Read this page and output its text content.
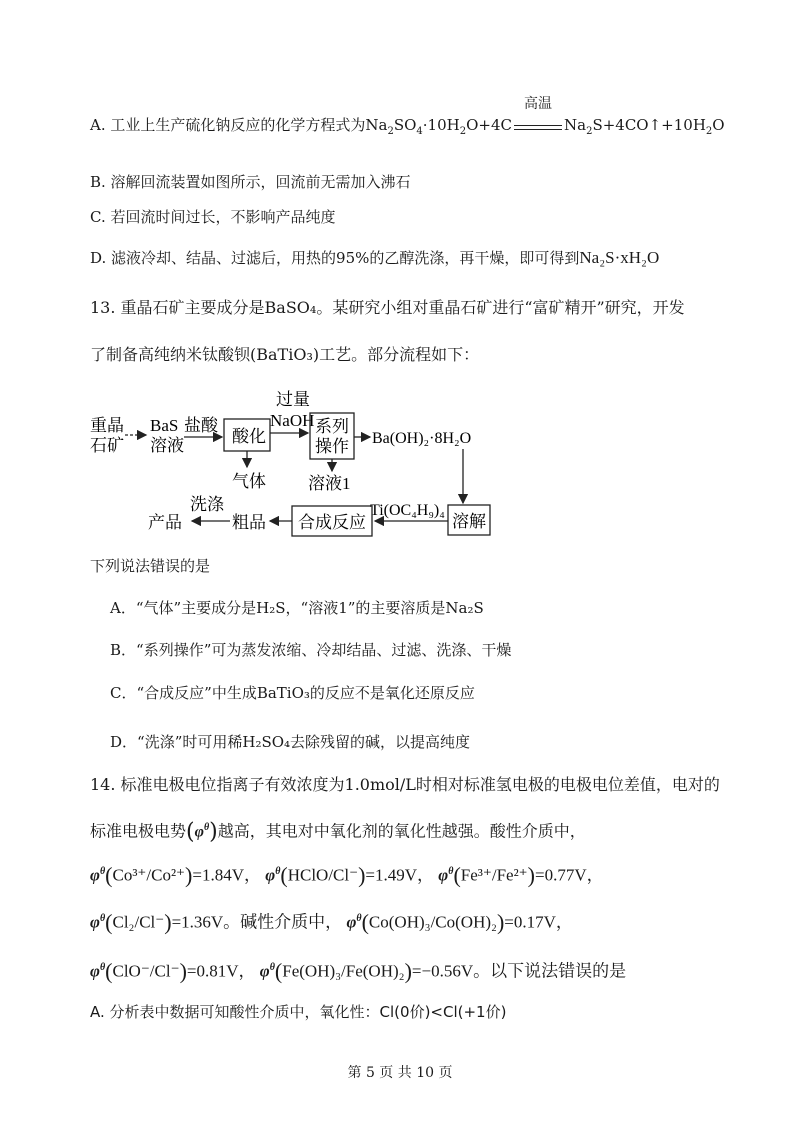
A. 工业上生产硫化钠反应的化学方程式为$Na_2SO_4\cdot 10H_2O+4C$
高温
$Na_2S+4CO↑+10H_2O$
B. 溶解回流装置如图所示，回流前无需加入沸石
C. 若回流时间过长，不影响产品纯度
D. 滤液冷却、结晶、过滤后，用热的95%的乙醇洗涤，再干燥，即可得到Na₂S·xH₂O
13. 重晶石矿主要成分是BaSO₄。某研究小组对重晶石矿进行“富矿精开”研究，开发
了制备高纯纳米钛酸钡(BaTiO₃)工艺。部分流程如下：
重晶
石矿
BaS
溶液
盐酸
酸化
气体
过量
NaOH 系列
操作
溶液1
Ba(OH)₂·8H₂O
溶解
Ti(OC₄H₉)₄
合成反应
粗品
洗涤
产品
下列说法错误的是
A．“气体”主要成分是H₂S，“溶液1”的主要溶质是Na₂S
B．“系列操作”可为蒸发浓缩、冷却结晶、过滤、洗涤、干燥
C．“合成反应”中生成BaTiO₃的反应不是氧化还原反应
D．“洗涤”时可用稀H₂SO₄去除残留的碱，以提高纯度
14. 标准电极电位指离子有效浓度为1.0mol/L时相对标准氢电极的电极电位差值，电对的
标准电极电势$(\varphi^\theta)$越高，其电对中氧化剂的氧化性越强。酸性介质中，
$\varphi^\theta(Co^{3+}/Co^{2+})=1.84V$， $\varphi^\theta(HClO/Cl^-)=1.49V$， $\varphi^\theta(Fe^{3+}/Fe^{2+})=0.77V$，
$\varphi^\theta(Cl_2/Cl^-)=1.36V$。碱性介质中， $\varphi^\theta(Co(OH)_3/Co(OH)_2)=0.17V$，
$\varphi^\theta(ClO^-/Cl^-)=0.81V$， $\varphi^\theta(Fe(OH)_3/Fe(OH)_2)=-0.56V$。以下说法错误的是
A. 分析表中数据可知酸性介质中，氧化性：Cl(0价)<Cl(+1价)
第 5 页 共 10 页
